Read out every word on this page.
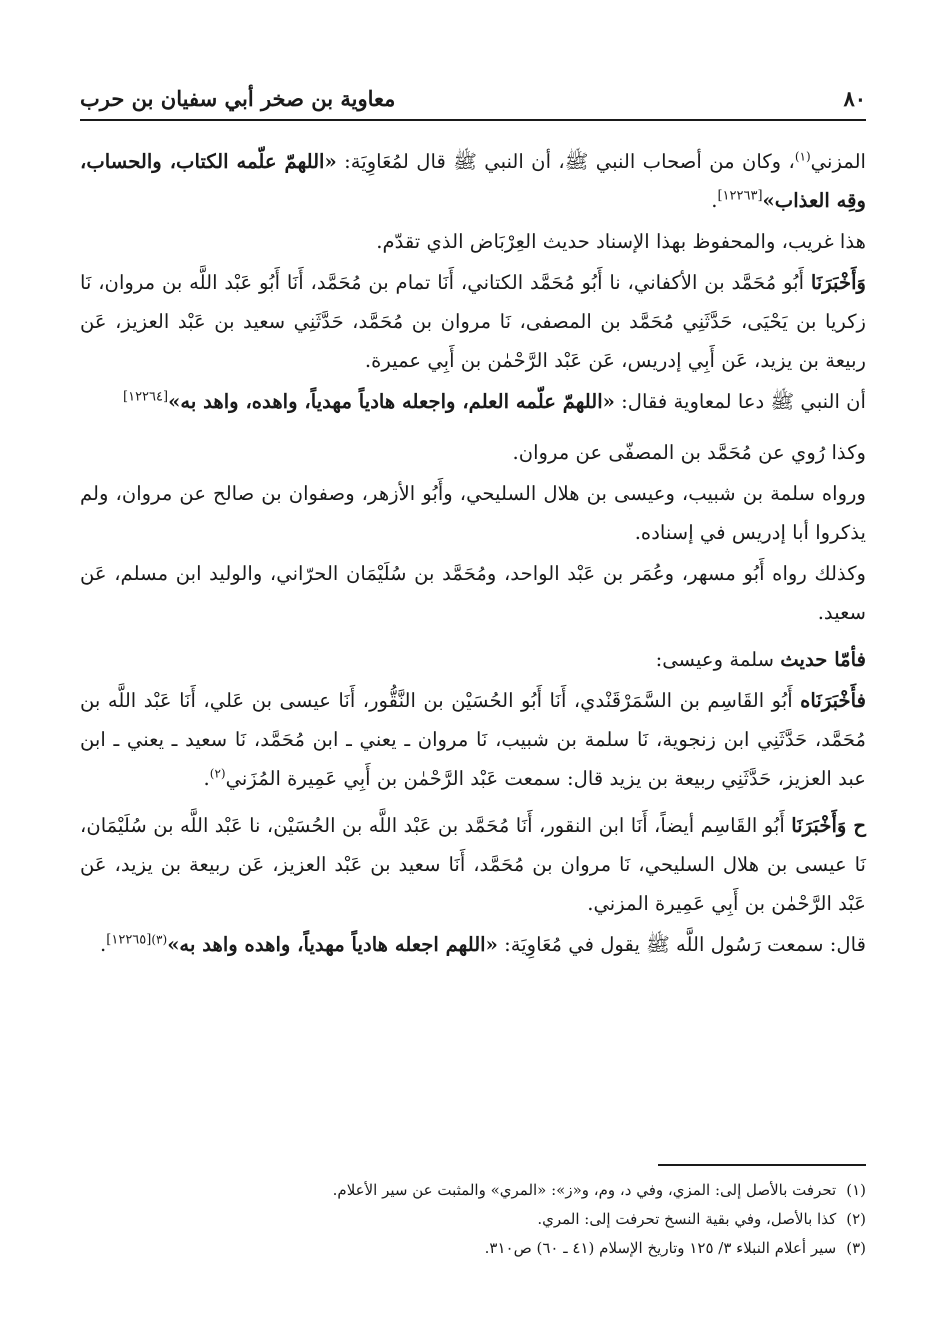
٨٠
معاوية بن صخر أبي سفيان بن حرب

المزني$^{(١)}$، وكان من أصحاب النبي ﷺ، أن النبي ﷺ قال لمُعَاوِيَة: «اللهمّ علّمه الكتاب، والحساب، وقِه العذاب»[١٢٢٦٣].

هذا غريب، والمحفوظ بهذا الإسناد حديث العِرْبَاض الذي تقدّم.

وَأَخْبَرَنَا أَبُو مُحَمَّد بن الأكفاني، نا أَبُو مُحَمَّد الكتاني، أَنَا تمام بن مُحَمَّد، أَنَا أَبُو عَبْد اللَّه بن مروان، نَا زكريا بن يَحْيَى، حَدَّثَنِي مُحَمَّد بن المصفى، نَا مروان بن مُحَمَّد، حَدَّثَنِي سعيد بن عَبْد العزيز، عَن ربيعة بن يزيد، عَن أَبِي إدريس، عَن عَبْد الرَّحْمٰن بن أَبِي عميرة.

أن النبي ﷺ دعا لمعاوية فقال: «اللهمّ علّمه العلم، واجعله هادياً مهدياً، واهده، واهد به»[١٢٢٦٤]

وكذا رُوي عن مُحَمَّد بن المصفّى عن مروان.

ورواه سلمة بن شبيب، وعيسى بن هلال السليحي، وأَبُو الأزهر، وصفوان بن صالح عن مروان، ولم يذكروا أبا إدريس في إسناده.

وكذلك رواه أَبُو مسهر، وعُمَر بن عَبْد الواحد، ومُحَمَّد بن سُلَيْمَان الحرّاني، والوليد ابن مسلم، عَن سعيد.

فأمّا حديث سلمة وعيسى:

فأَخْبَرَنَاه أَبُو القَاسِم بن السَّمَرْقَنْدي، أَنَا أَبُو الحُسَيْن بن النَّقُّور، أَنَا عيسى بن عَلي، أَنَا عَبْد اللَّه بن مُحَمَّد، حَدَّثَنِي ابن زنجوية، نَا سلمة بن شبيب، نَا مروان ـ يعني ـ ابن مُحَمَّد، نَا سعيد ـ يعني ـ ابن عبد العزيز، حَدَّثَنِي ربيعة بن يزيد قال: سمعت عَبْد الرَّحْمٰن بن أَبِي عَمِيرة المُزَني$^{(٢)}$.

ح وَأَخْبَرَنَا أَبُو القَاسِم أيضاً، أَنَا ابن النقور، أَنَا مُحَمَّد بن عَبْد اللَّه بن الحُسَيْن، نا عَبْد اللَّه بن سُلَيْمَان، نَا عيسى بن هلال السليحي، نَا مروان بن مُحَمَّد، أَنَا سعيد بن عَبْد العزيز، عَن ربيعة بن يزيد، عَن عَبْد الرَّحْمٰن بن أَبِي عَمِيرة المزني.

قال: سمعت رَسُول اللَّه ﷺ يقول في مُعَاوِيَة: «اللهم اجعله هادياً مهدياً، واهده واهد به»$^{(٣)[١٢٢٦٥]}$.

(١)
تحرفت بالأصل إلى: المزي، وفي د، وم، و«ز»: «المري» والمثبت عن سير الأعلام.
(٢)
كذا بالأصل، وفي بقية النسخ تحرفت إلى: المري.
(٣)
سير أعلام النبلاء ٣/ ١٢٥ وتاريخ الإسلام (٤١ ـ ٦٠) ص٣١٠.
